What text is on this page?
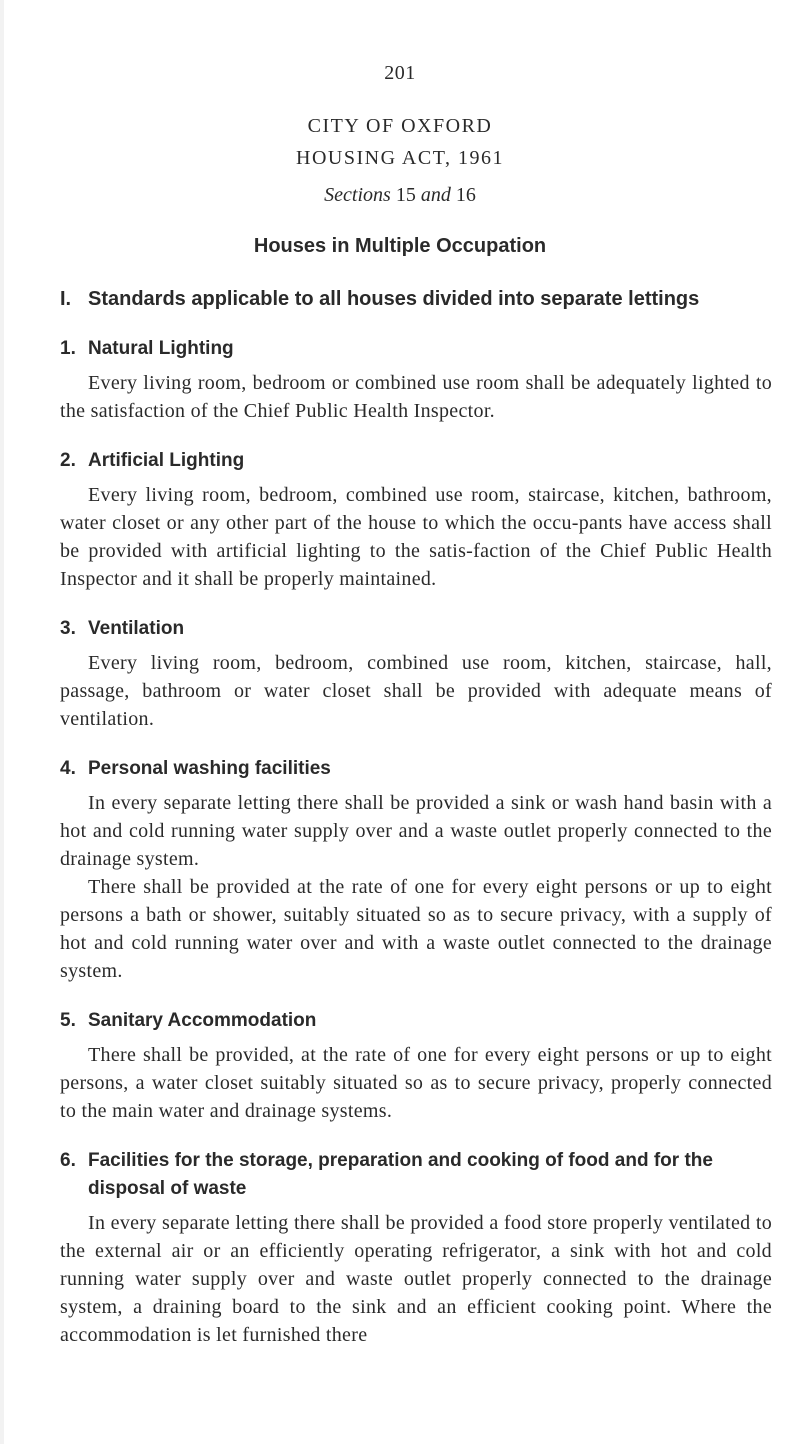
201
CITY OF OXFORD
HOUSING ACT, 1961
Sections 15 and 16
Houses in Multiple Occupation
I. Standards applicable to all houses divided into separate lettings
1. Natural Lighting

Every living room, bedroom or combined use room shall be adequately lighted to the satisfaction of the Chief Public Health Inspector.

2. Artificial Lighting

Every living room, bedroom, combined use room, staircase, kitchen, bathroom, water closet or any other part of the house to which the occu-pants have access shall be provided with artificial lighting to the satis-faction of the Chief Public Health Inspector and it shall be properly maintained.

3. Ventilation

Every living room, bedroom, combined use room, kitchen, staircase, hall, passage, bathroom or water closet shall be provided with adequate means of ventilation.

4. Personal washing facilities

In every separate letting there shall be provided a sink or wash hand basin with a hot and cold running water supply over and a waste outlet properly connected to the drainage system.

There shall be provided at the rate of one for every eight persons or up to eight persons a bath or shower, suitably situated so as to secure privacy, with a supply of hot and cold running water over and with a waste outlet connected to the drainage system.

5. Sanitary Accommodation

There shall be provided, at the rate of one for every eight persons or up to eight persons, a water closet suitably situated so as to secure privacy, properly connected to the main water and drainage systems.

6. Facilities for the storage, preparation and cooking of food and for the disposal of waste

In every separate letting there shall be provided a food store properly ventilated to the external air or an efficiently operating refrigerator, a sink with hot and cold running water supply over and waste outlet properly connected to the drainage system, a draining board to the sink and an efficient cooking point. Where the accommodation is let furnished there
